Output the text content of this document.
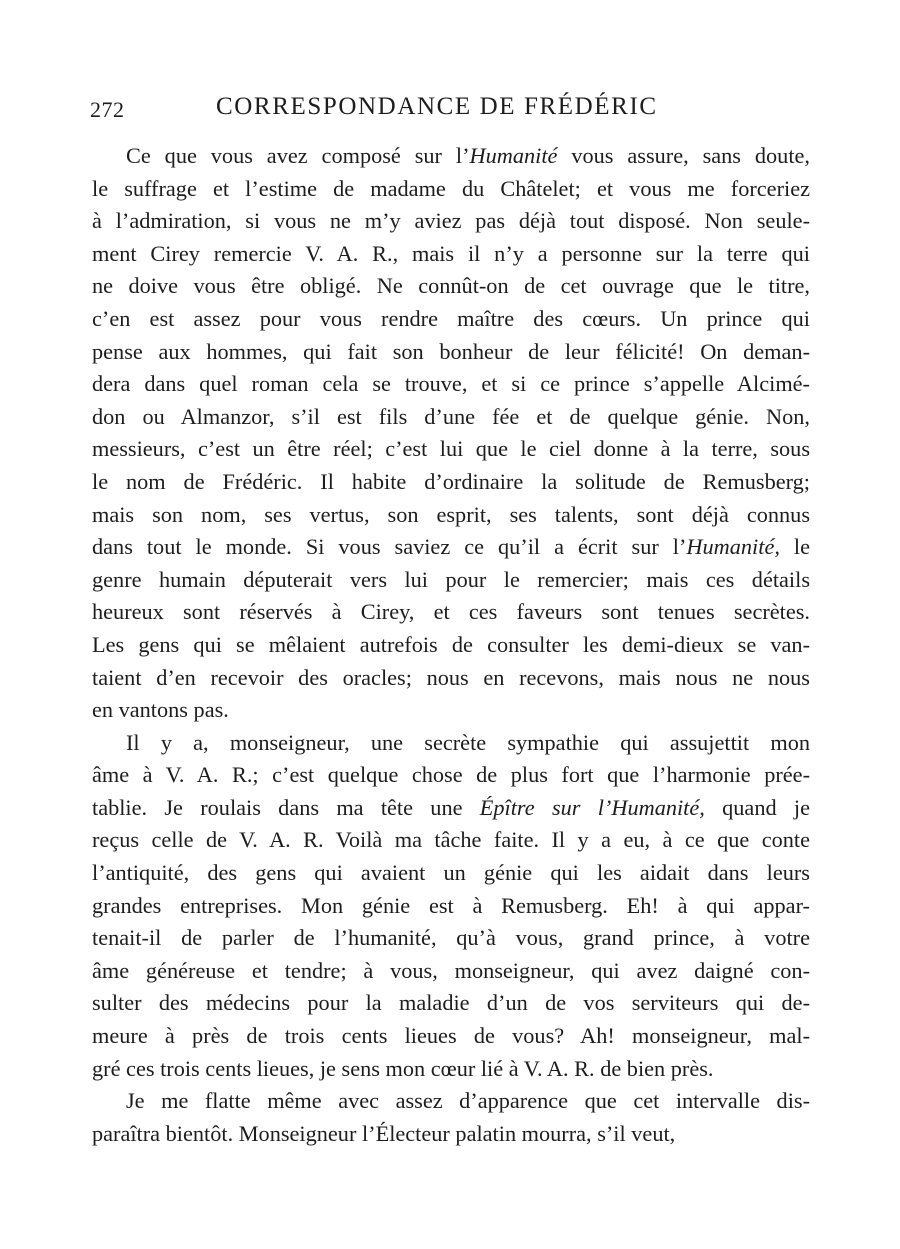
272	CORRESPONDANCE DE FRÉDÉRIC
Ce que vous avez composé sur l’Humanité vous assure, sans doute,
le suffrage et l’estime de madame du Châtelet; et vous me forceriez
à l’admiration, si vous ne m’y aviez pas déjà tout disposé. Non seule-
ment Cirey remercie V. A. R., mais il n’y a personne sur la terre qui
ne doive vous être obligé. Ne connût-on de cet ouvrage que le titre,
c’en est assez pour vous rendre maître des cœurs. Un prince qui
pense aux hommes, qui fait son bonheur de leur félicité! On deman-
dera dans quel roman cela se trouve, et si ce prince s’appelle Alcimé-
don ou Almanzor, s’il est fils d’une fée et de quelque génie. Non,
messieurs, c’est un être réel; c’est lui que le ciel donne à la terre, sous
le nom de Frédéric. Il habite d’ordinaire la solitude de Remusberg;
mais son nom, ses vertus, son esprit, ses talents, sont déjà connus
dans tout le monde. Si vous saviez ce qu’il a écrit sur l’Humanité, le
genre humain députerait vers lui pour le remercier; mais ces détails
heureux sont réservés à Cirey, et ces faveurs sont tenues secrètes.
Les gens qui se mêlaient autrefois de consulter les demi-dieux se van-
taient d’en recevoir des oracles; nous en recevons, mais nous ne nous
en vantons pas.
Il y a, monseigneur, une secrète sympathie qui assujettit mon
âme à V. A. R.; c’est quelque chose de plus fort que l’harmonie prée-
tablie. Je roulais dans ma tête une Épître sur l’Humanité, quand je
reçus celle de V. A. R. Voilà ma tâche faite. Il y a eu, à ce que conte
l’antiquité, des gens qui avaient un génie qui les aidait dans leurs
grandes entreprises. Mon génie est à Remusberg. Eh! à qui appar-
tenait-il de parler de l’humanité, qu’à vous, grand prince, à votre
âme généreuse et tendre; à vous, monseigneur, qui avez daigné con-
sulter des médecins pour la maladie d’un de vos serviteurs qui de-
meure à près de trois cents lieues de vous? Ah! monseigneur, mal-
gré ces trois cents lieues, je sens mon cœur lié à V. A. R. de bien près.
Je me flatte même avec assez d’apparence que cet intervalle dis-
paraîtra bientôt. Monseigneur l’Électeur palatin mourra, s’il veut,
